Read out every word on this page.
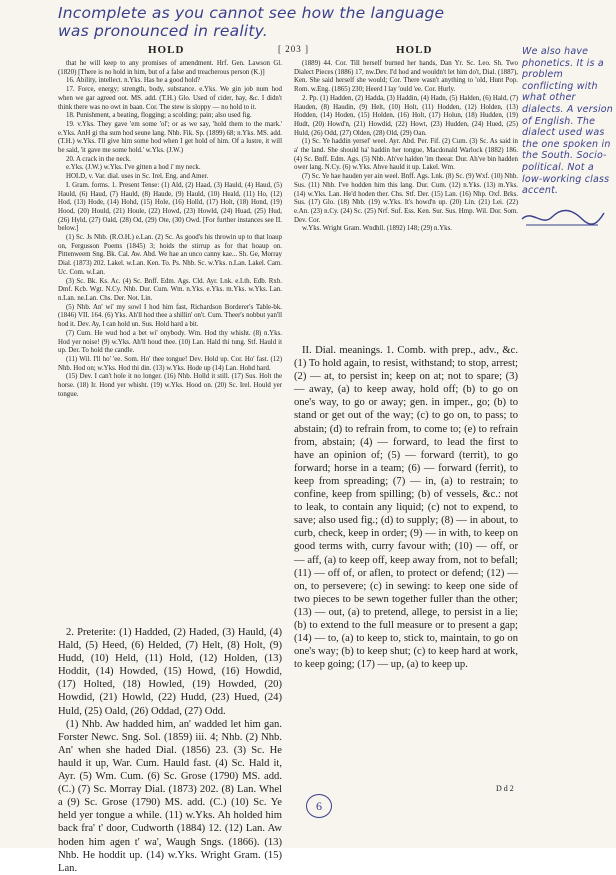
Incomplete as you cannot see how the language was pronounced in reality.
We also have phonetics. It is a problem conflicting with what other dialects. A version of English. The dialect used was the one spoken in the South. Socio-political. Not a low-working class accent.
HOLD	[ 203 ]	HOLD

that he will keep to any promises of amendment. Hrf. Gen. Lawson Gl. (1820) [There is no hold in him, but of a false and treacherous person (K.)]

16. Ability, intellect. n.Yks. Has he a good hold?

17. Force, energy; strength, body, substance. e.Yks. We gin job num hod when we gar agreed oot. MS. add. (T.H.) Glo. Used of cider, hay, &c. I didn't think there was no owt in baan. Cor. The stew is sloppy — no hold to it.

18. Punishment, a beating, flogging; a scolding; pain; also used fig.

19. v.Yks. They gave 'em some 'ol'; or as we say, 'hold them to the mark.' e.Yks. AnH gi tha sum hod seune lang. Nhb. Fik. Sp. (1899) 68; n.Yks. MS. add. (T.H.) w.Yks. I'll give him some hod when I get hold of him. Of a lustre, it will be said, 'it gave me some hold.' w.Yks. (J.W.)

20. A crack in the neck.

e.Yks. (J.W.) w.Yks. I've gitten a hod i' my neck.

HOLD, v. Var. dial. uses in Sc. Irel. Eng. and Amer.

I. Gram. forms. 1. Present Tense: (1) Ald, (2) Haad, (3) Hauld, (4) Haud, (5) Hauld, (6) Haud, (7) Hauld, (8) Haude, (9) Hauld, (10) Heald, (11) Ho, (12) Hod, (13) Hode, (14) Hohd, (15) Hole, (16) Holld, (17) Holt, (18) Hond, (19) Hood, (20) Hould, (21) Houle, (22) Howd, (23) Howld, (24) Huad, (25) Hud, (26) Hyld, (27) Oald, (28) Od, (29) Ote, (30) Owd. [For further instances see II. below.]

(1) Sc. Js Nhb. (R.O.H.) e.Lan. (2) Sc. As good's his throwin up to that loaup on, Fergusson Poems (1845) 3; hoids the stirrup as for that hoaup on. Pittenweem Sng. Bk. Cal. Aw. Abd. We hae an unco canny kae... Sh. Ge, Morray Dial. (1873) 202. Lakel. w.Lan. Ken. To. Ps. Nhb. Sc. w.Yks. n.Lan. Lakel. Cam. Uc. Com. w.Lan.

(3) Sc. Bk. Ks. Ac. (4) Sc. Bnff. Edm. Ags. Cld. Ayr. Lnk. e.Lth. Edb. Rxb. Dmf. Kcb. Wgt. N.Cy. Nhb. Dur. Cum. Wm. n.Yks. e.Yks. m.Yks. w.Yks. Lan. n.Lan. ne.Lan. Chs. Der. Not. Lin.

(5) Nhb. An' wi' my sowl I hod him fast, Richardson Borderer's Table-bk. (1846) VII. 164. (6) Yks. Ah'll hod thee a shillin' on't. Cum. Theer's nobbut yan'll hod it. Dev. Ay, I can hold un. Sus. Hold hard a bit.

(7) Cum. He wud hod a bet wi' onybody. Wm. Hod thy whisht. (8) n.Yks. Hod yer noise! (9) w.Yks. Ah'll houd thee. (10) Lan. Hald thi tung. Stf. Hauld it up. Der. To hold the candle.

(11) Wil. I'll ho' 'ee. Som. Ho' thee tongue! Dev. Hold up. Cor. Ho' fast. (12) Nhb. Hod on; w.Yks. Hod thi din. (13) w.Yks. Hode up (14) Lan. Hohd hard.

(15) Dev. I can't hole it no longer. (16) Nhb. Holld it still. (17) Sus. Holt the horse. (18) Ir. Hond yer whisht. (19) w.Yks. Hood on. (20) Sc. Irel. Hould yer tongue.

(1889) 44. Cor. Till herself burned her hands, Dan Yr. Sc. Leo. Sh. Two Dialect Pieces (1886) 17, nw.Dev. I'd hod and wouldn't let him do't, Dial. (1887), Ken. She said herself she would; Cor. There wasn't anything to 'old, Hunt Pop. Rom. w.Eng. (1865) 230; Heerd I lay 'ould 'ee. Cor. Hurly.

2. Pp. (1) Hadden, (2) Hadda, (3) Haddin, (4) Hadn, (5) Halden, (6) Hald, (7) Hauden, (8) Haudin, (9) Helt, (10) Holt, (11) Hodden, (12) Holden, (13) Hodden, (14) Hoden, (15) Holden, (16) Holt, (17) Holun, (18) Hudden, (19) Hudt, (20) Howd'n, (21) Howdid, (22) Howt, (23) Hudden, (24) Hued, (25) Huld, (26) Odd, (27) Olden, (28) Old, (29) Oan.

(1) Sc. Ye haddin yersel' weel. Ayr. Abd. Per. Fif. (2) Cum. (3) Sc. As said in a' the land. She should ha' haddin her tongue, Macdonald Warlock (1882) 186. (4) Sc. Bnff. Edm. Ags. (5) Nhb. Ah've halden 'im theear. Dur. Ah've bin hadden ower lang. N.Cy. (6) w.Yks. Ahve hauld it up. Lakel. Wm.

(7) Sc. Ye hae hauden yer ain weel. Bnff. Ags. Lnk. (8) Sc. (9) Wxf. (10) Nhb. Sus. (11) Nhb. I've hodden him this lang. Dur. Cum. (12) n.Yks. (13) m.Yks. (14) w.Yks. Lan. He'd hoden ther. Chs. Stf. Der. (15) Lan. (16) Nhp. Oxf. Brks. Sus. (17) Glo. (18) Nhb. (19) w.Yks. It's howd'n up. (20) Lin. (21) Lei. (22) e.An. (23) n.Cy. (24) Sc. (25) Nrf. Suf. Ess. Ken. Sur. Sus. Hmp. Wil. Dor. Som. Dev. Cor.

w.Yks. Wright Gram. Wndhll. (1892) 148; (29) n.Yks.

II. Dial. meanings. 1. Comb. with prep., adv., &c. (1) To hold again, to resist, withstand; to stop, arrest; (2) — at, to persist in; keep on at; not to spare; (3) — away, (a) to keep away, hold off; (b) to go on one's way, to go or away; gen. in imper., go; (b) to stand or get out of the way; (c) to go on, to pass; to abstain; (d) to refrain from, to come to; (e) to refrain from, abstain; (4) — forward, to lead the first to have an opinion of; (5) — forward (territ), to go forward; horse in a team; (6) — forward (ferrit), to keep from spreading; (7) — in, (a) to restrain; to confine, keep from spilling; (b) of vessels, &c.: not to leak, to contain any liquid; (c) not to expend, to save; also used fig.; (d) to supply; (8) — in about, to curb, check, keep in order; (9) — in with, to keep on good terms with, curry favour with; (10) — off, or — aff, (a) to keep off, keep away from, not to befall; (11) — off of, or aflen, to protect or defend; (12) — on, to persevere; (c) in sewing: to keep one side of two pieces to be sewn together fuller than the other; (13) — out, (a) to pretend, allege, to persist in a lie; (b) to extend to the full measure or to present a gap; (14) — to, (a) to keep to, stick to, maintain, to go on one's way; (b) to keep shut; (c) to keep hard at work, to keep going; (17) — up, (a) to keep up.

2. Preterite: (1) Hadded, (2) Haded, (3) Hauld, (4) Hald, (5) Heed, (6) Helded, (7) Helt, (8) Holt, (9) Hudd, (10) Held, (11) Hold, (12) Holden, (13) Hoddit, (14) Howded, (15) Howd, (16) Howdid, (17) Holted, (18) Howled, (19) Howded, (20) Howdid, (21) Howld, (22) Hudd, (23) Hued, (24) Huld, (25) Oald, (26) Oddad, (27) Odd.

(1) Nhb. Aw hadded him, an' wadded let him gan. Forster Newc. Sng. Sol. (1859) iii. 4; Nhb. (2) Nhb. An' when she haded Dial. (1856) 23. (3) Sc. He hauld it up, War. Cum. Hauld fast. (4) Sc. Hald it, Ayr. (5) Wm. Cum. (6) Sc. Grose (1790) MS. add. (C.) (7) Sc. Morray Dial. (1873) 202. (8) Lan. Whel a (9) Sc. Grose (1790) MS. add. (C.) (10) Sc. Ye held yer tongue a while. (11) w.Yks. Ah holded him back fra' t' door, Cudworth (1884) 12. (12) Lan. Aw hoden him agen t' wa', Waugh Sngs. (1866). (13) Nhb. He hoddit up. (14) w.Yks. Wright Gram. (15) Lan.

D d 2
6
